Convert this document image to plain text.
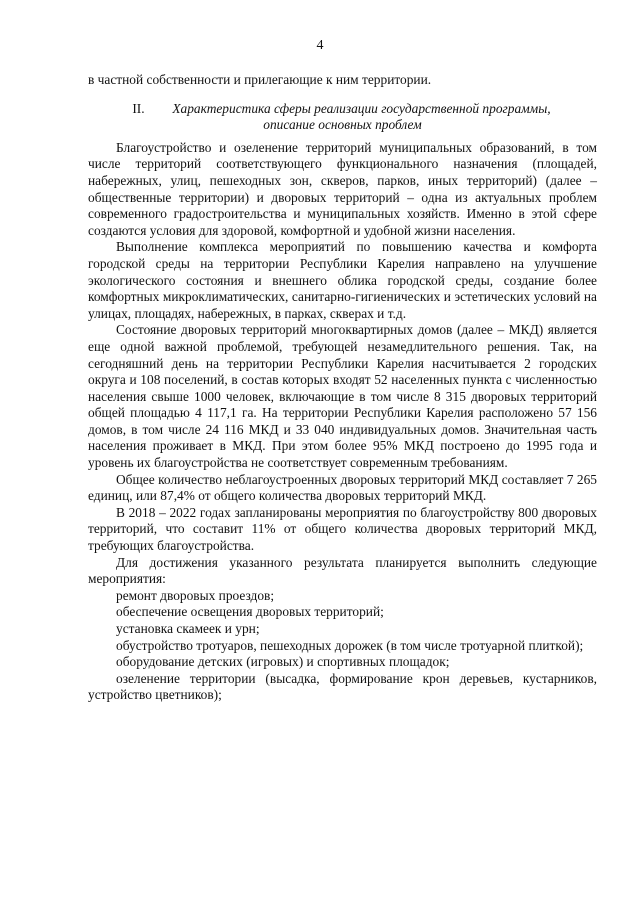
4

в частной собственности и прилегающие к ним территории.

II. Характеристика сферы реализации государственной программы,
описание основных проблем

Благоустройство и озеленение территорий муниципальных образований, в том числе территорий соответствующего функционального назначения (площадей, набережных, улиц, пешеходных зон, скверов, парков, иных территорий) (далее – общественные территории) и дворовых территорий – одна из актуальных проблем современного градостроительства и муниципальных хозяйств. Именно в этой сфере создаются условия для здоровой, комфортной и удобной жизни населения.

Выполнение комплекса мероприятий по повышению качества и комфорта городской среды на территории Республики Карелия направлено на улучшение экологического состояния и внешнего облика городской среды, создание более комфортных микроклиматических, санитарно-гигиенических и эстетических условий на улицах, площадях, набережных, в парках, скверах и т.д.

Состояние дворовых территорий многоквартирных домов (далее – МКД) является еще одной важной проблемой, требующей незамедлительного решения. Так, на сегодняшний день на территории Республики Карелия насчитывается 2 городских округа и 108 поселений, в состав которых входят 52 населенных пункта с численностью населения свыше 1000 человек, включающие в том числе 8 315 дворовых территорий общей площадью 4 117,1 га. На территории Республики Карелия расположено 57 156 домов, в том числе 24 116 МКД и 33 040 индивидуальных домов. Значительная часть населения проживает в МКД. При этом более 95% МКД построено до 1995 года и уровень их благоустройства не соответствует современным требованиям.

Общее количество неблагоустроенных дворовых территорий МКД составляет 7 265 единиц, или 87,4% от общего количества дворовых территорий МКД.

В 2018 – 2022 годах запланированы мероприятия по благоустройству 800 дворовых территорий, что составит 11% от общего количества дворовых территорий МКД, требующих благоустройства.

Для достижения указанного результата планируется выполнить следующие мероприятия:

ремонт дворовых проездов;

обеспечение освещения дворовых территорий;

установка скамеек и урн;

обустройство тротуаров, пешеходных дорожек (в том числе тротуарной плиткой);

оборудование детских (игровых) и спортивных площадок;

озеленение территории (высадка, формирование крон деревьев, кустарников, устройство цветников);
